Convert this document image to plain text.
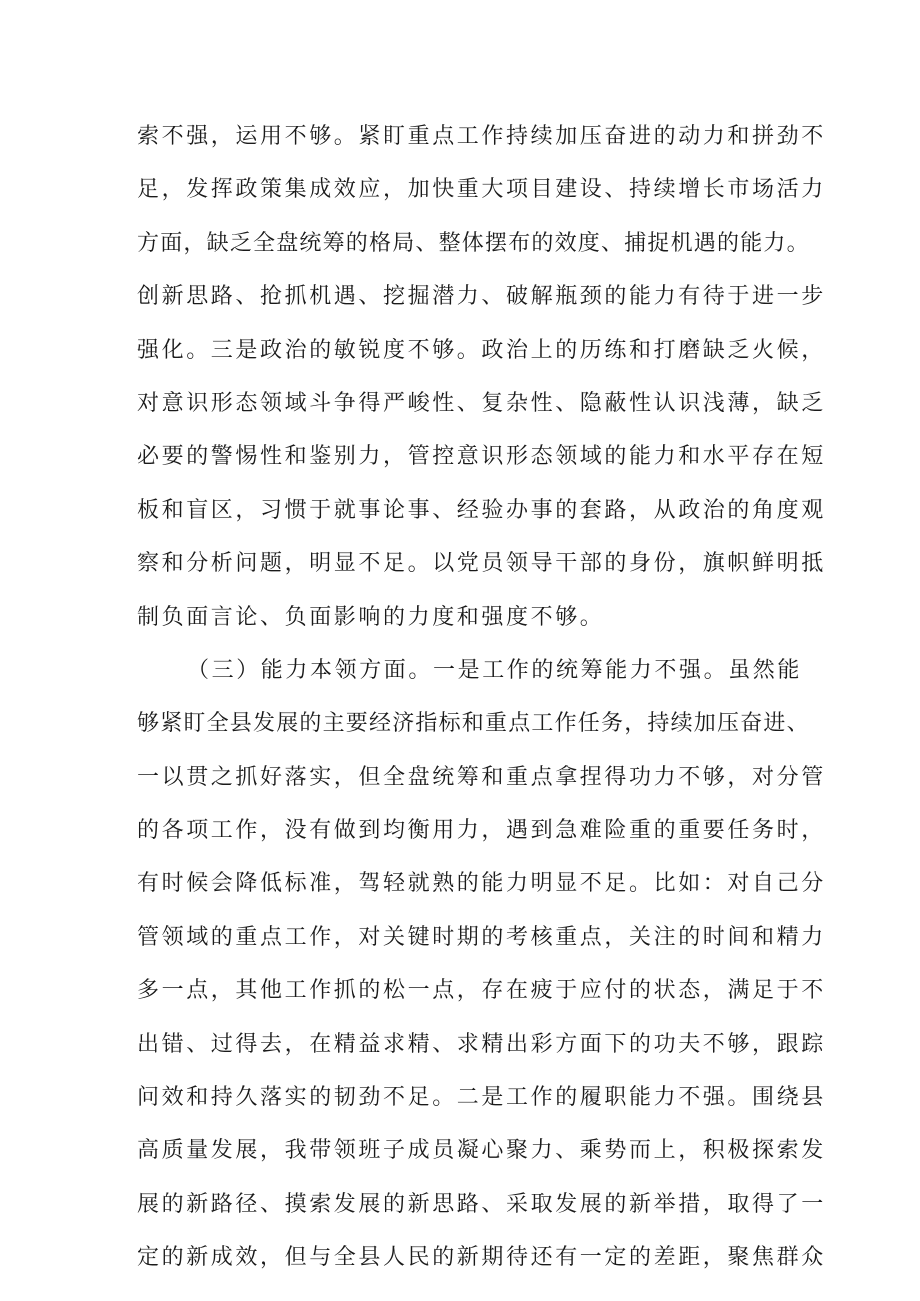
索不强，运用不够。紧盯重点工作持续加压奋进的动力和拼劲不
足，发挥政策集成效应，加快重大项目建设、持续增长市场活力
方面，缺乏全盘统筹的格局、整体摆布的效度、捕捉机遇的能力。
创新思路、抢抓机遇、挖掘潜力、破解瓶颈的能力有待于进一步
强化。三是政治的敏锐度不够。政治上的历练和打磨缺乏火候，
对意识形态领域斗争得严峻性、复杂性、隐蔽性认识浅薄，缺乏
必要的警惕性和鉴别力，管控意识形态领域的能力和水平存在短
板和盲区，习惯于就事论事、经验办事的套路，从政治的角度观
察和分析问题，明显不足。以党员领导干部的身份，旗帜鲜明抵
制负面言论、负面影响的力度和强度不够。
（三）能力本领方面。一是工作的统筹能力不强。虽然能
够紧盯全县发展的主要经济指标和重点工作任务，持续加压奋进、
一以贯之抓好落实，但全盘统筹和重点拿捏得功力不够，对分管
的各项工作，没有做到均衡用力，遇到急难险重的重要任务时，
有时候会降低标准，驾轻就熟的能力明显不足。比如：对自己分
管领域的重点工作，对关键时期的考核重点，关注的时间和精力
多一点，其他工作抓的松一点，存在疲于应付的状态，满足于不
出错、过得去，在精益求精、求精出彩方面下的功夫不够，跟踪
问效和持久落实的韧劲不足。二是工作的履职能力不强。围绕县
高质量发展，我带领班子成员凝心聚力、乘势而上，积极探索发
展的新路径、摸索发展的新思路、采取发展的新举措，取得了一
定的新成效，但与全县人民的新期待还有一定的差距，聚焦群众
